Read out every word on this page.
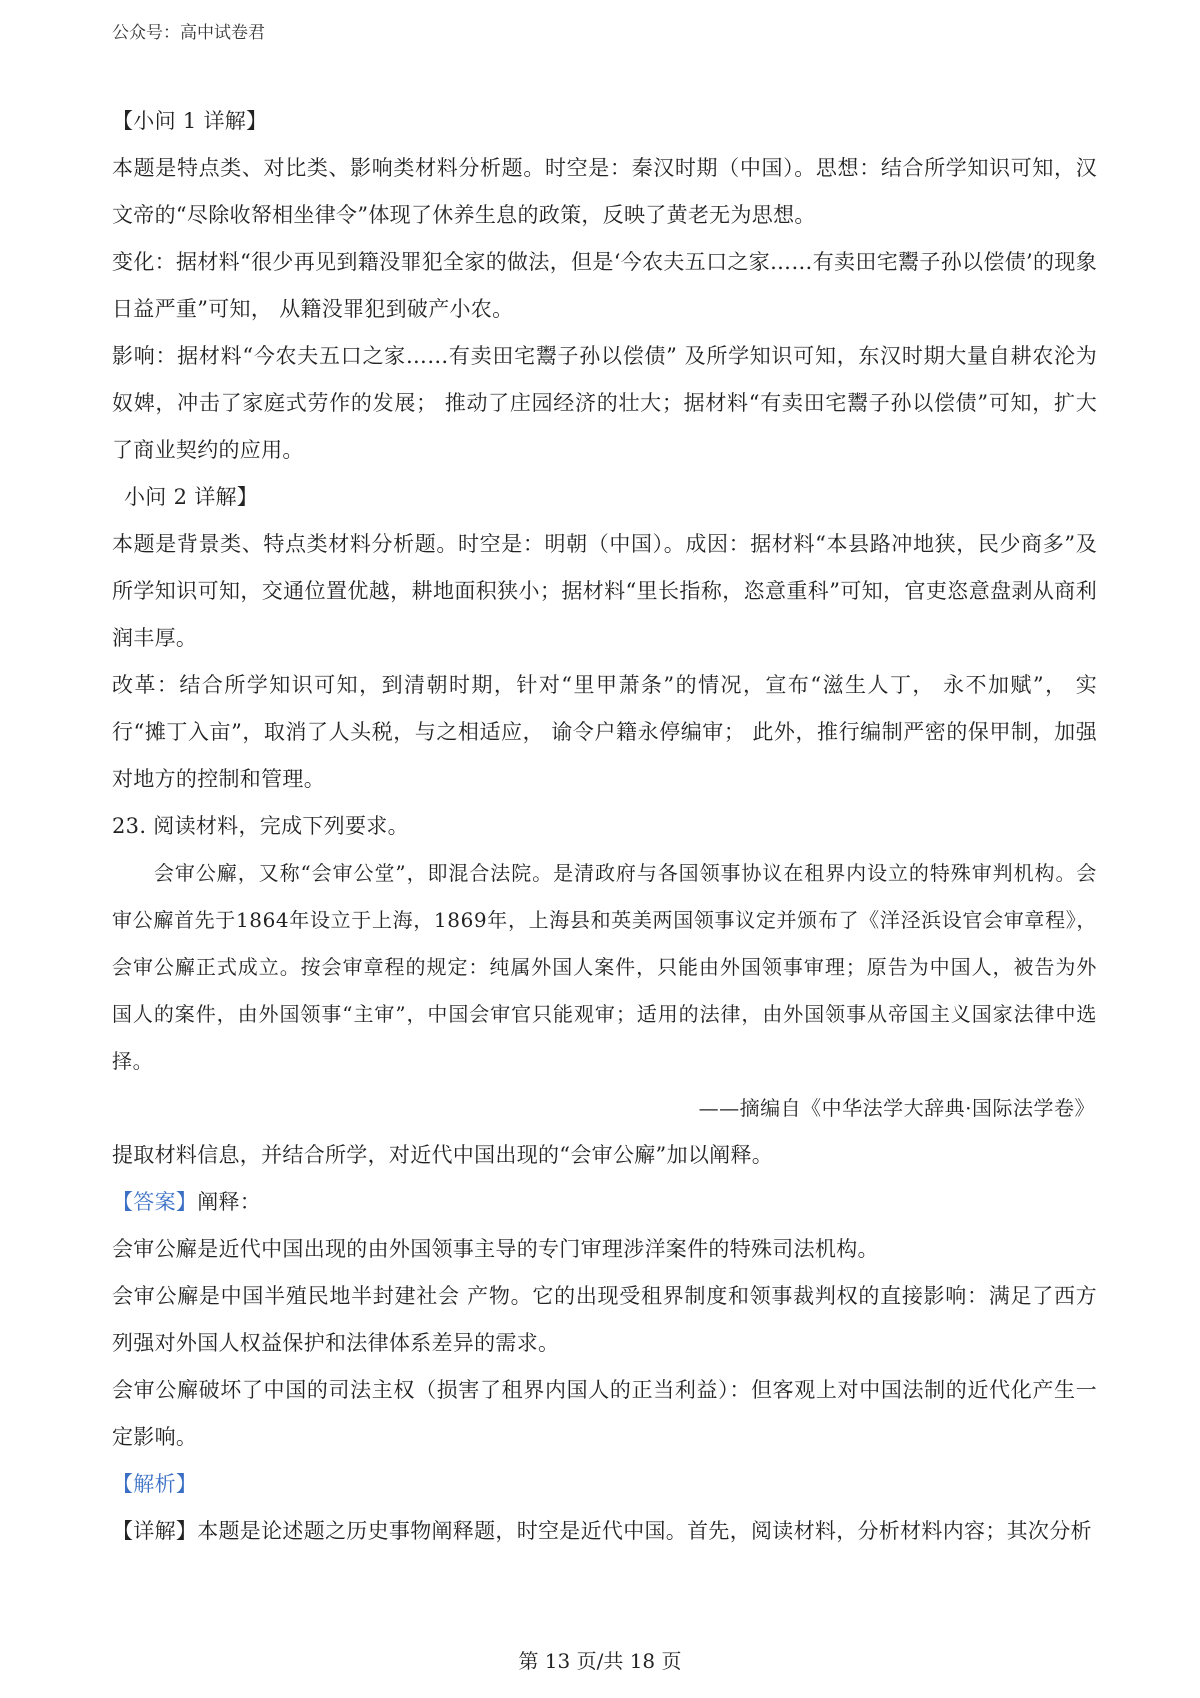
公众号：高中试卷君

【小问 1 详解】

本题是特点类、对比类、影响类材料分析题。时空是：秦汉时期（中国）。思想：结合所学知识可知，汉文帝的“尽除收帑相坐律令”体现了休养生息的政策，反映了黄老无为思想。

变化：据材料“很少再见到籍没罪犯全家的做法，但是‘今农夫五口之家……有卖田宅鬻子孙以偿债’的现象日益严重”可知， 从籍没罪犯到破产小农。

影响：据材料“今农夫五口之家……有卖田宅鬻子孙以偿债” 及所学知识可知，东汉时期大量自耕农沦为奴婢，冲击了家庭式劳作的发展； 推动了庄园经济的壮大；据材料“有卖田宅鬻子孙以偿债”可知，扩大了商业契约的应用。

小问 2 详解】

本题是背景类、特点类材料分析题。时空是：明朝（中国）。成因：据材料“本县路冲地狭，民少商多”及所学知识可知，交通位置优越，耕地面积狭小；据材料“里长指称，恣意重科”可知，官吏恣意盘剥从商利润丰厚。

改革：结合所学知识可知，到清朝时期，针对“里甲萧条”的情况，宣布“滋生人丁， 永不加赋”， 实行“摊丁入亩”，取消了人头税，与之相适应， 谕令户籍永停编审； 此外，推行编制严密的保甲制，加强对地方的控制和管理。

23. 阅读材料，完成下列要求。

会审公廨，又称“会审公堂”，即混合法院。是清政府与各国领事协议在租界内设立的特殊审判机构。会审公廨首先于1864年设立于上海，1869年，上海县和英美两国领事议定并颁布了《洋泾浜设官会审章程》，会审公廨正式成立。按会审章程的规定：纯属外国人案件，只能由外国领事审理；原告为中国人，被告为外国人的案件，由外国领事“主审”，中国会审官只能观审；适用的法律，由外国领事从帝国主义国家法律中选择。

——摘编自《中华法学大辞典·国际法学卷》

提取材料信息，并结合所学，对近代中国出现的“会审公廨”加以阐释。

【答案】阐释：

会审公廨是近代中国出现的由外国领事主导的专门审理涉洋案件的特殊司法机构。

会审公廨是中国半殖民地半封建社会 产物。它的出现受租界制度和领事裁判权的直接影响：满足了西方列强对外国人权益保护和法律体系差异的需求。

会审公廨破坏了中国的司法主权（损害了租界内国人的正当利益）：但客观上对中国法制的近代化产生一定影响。

【解析】

【详解】本题是论述题之历史事物阐释题，时空是近代中国。首先，阅读材料，分析材料内容；其次分析

第 13 页/共 18 页
